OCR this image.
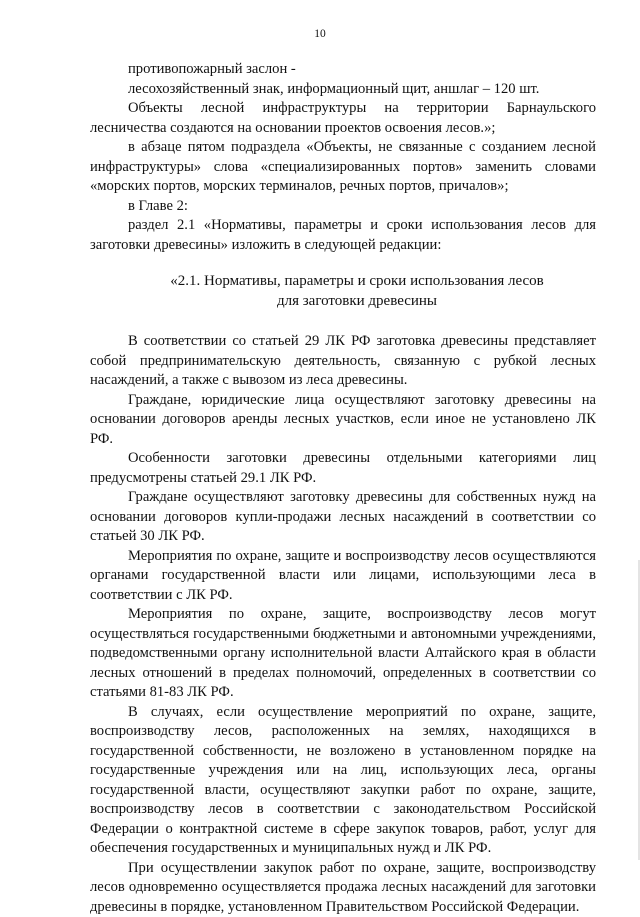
10

противопожарный заслон -

лесохозяйственный знак, информационный щит, аншлаг – 120 шт.

Объекты лесной инфраструктуры на территории Барнаульского лесничества создаются на основании проектов освоения лесов.»;

в абзаце пятом подраздела «Объекты, не связанные с созданием лесной инфраструктуры» слова «специализированных портов» заменить словами «морских портов, морских терминалов, речных портов, причалов»;

в Главе 2:

раздел 2.1 «Нормативы, параметры и сроки использования лесов для заготовки древесины» изложить в следующей редакции:

«2.1. Нормативы, параметры и сроки использования лесов
для заготовки древесины

В соответствии со статьей 29 ЛК РФ заготовка древесины представляет собой предпринимательскую деятельность, связанную с рубкой лесных насаждений, а также с вывозом из леса древесины.

Граждане, юридические лица осуществляют заготовку древесины на основании договоров аренды лесных участков, если иное не установлено ЛК РФ.

Особенности заготовки древесины отдельными категориями лиц предусмотрены статьей 29.1 ЛК РФ.

Граждане осуществляют заготовку древесины для собственных нужд на основании договоров купли-продажи лесных насаждений в соответствии со статьей 30 ЛК РФ.

Мероприятия по охране, защите и воспроизводству лесов осуществляются органами государственной власти или лицами, использующими леса в соответствии с ЛК РФ.

Мероприятия по охране, защите, воспроизводству лесов могут осуществляться государственными бюджетными и автономными учреждениями, подведомственными органу исполнительной власти Алтайского края в области лесных отношений в пределах полномочий, определенных в соответствии со статьями 81-83 ЛК РФ.

В случаях, если осуществление мероприятий по охране, защите, воспроизводству лесов, расположенных на землях, находящихся в государственной собственности, не возложено в установленном порядке на государственные учреждения или на лиц, использующих леса, органы государственной власти, осуществляют закупки работ по охране, защите, воспроизводству лесов в соответствии с законодательством Российской Федерации о контрактной системе в сфере закупок товаров, работ, услуг для обеспечения государственных и муниципальных нужд и ЛК РФ.

При осуществлении закупок работ по охране, защите, воспроизводству лесов одновременно осуществляется продажа лесных насаждений для заготовки древесины в порядке, установленном Правительством Российской Федерации.
